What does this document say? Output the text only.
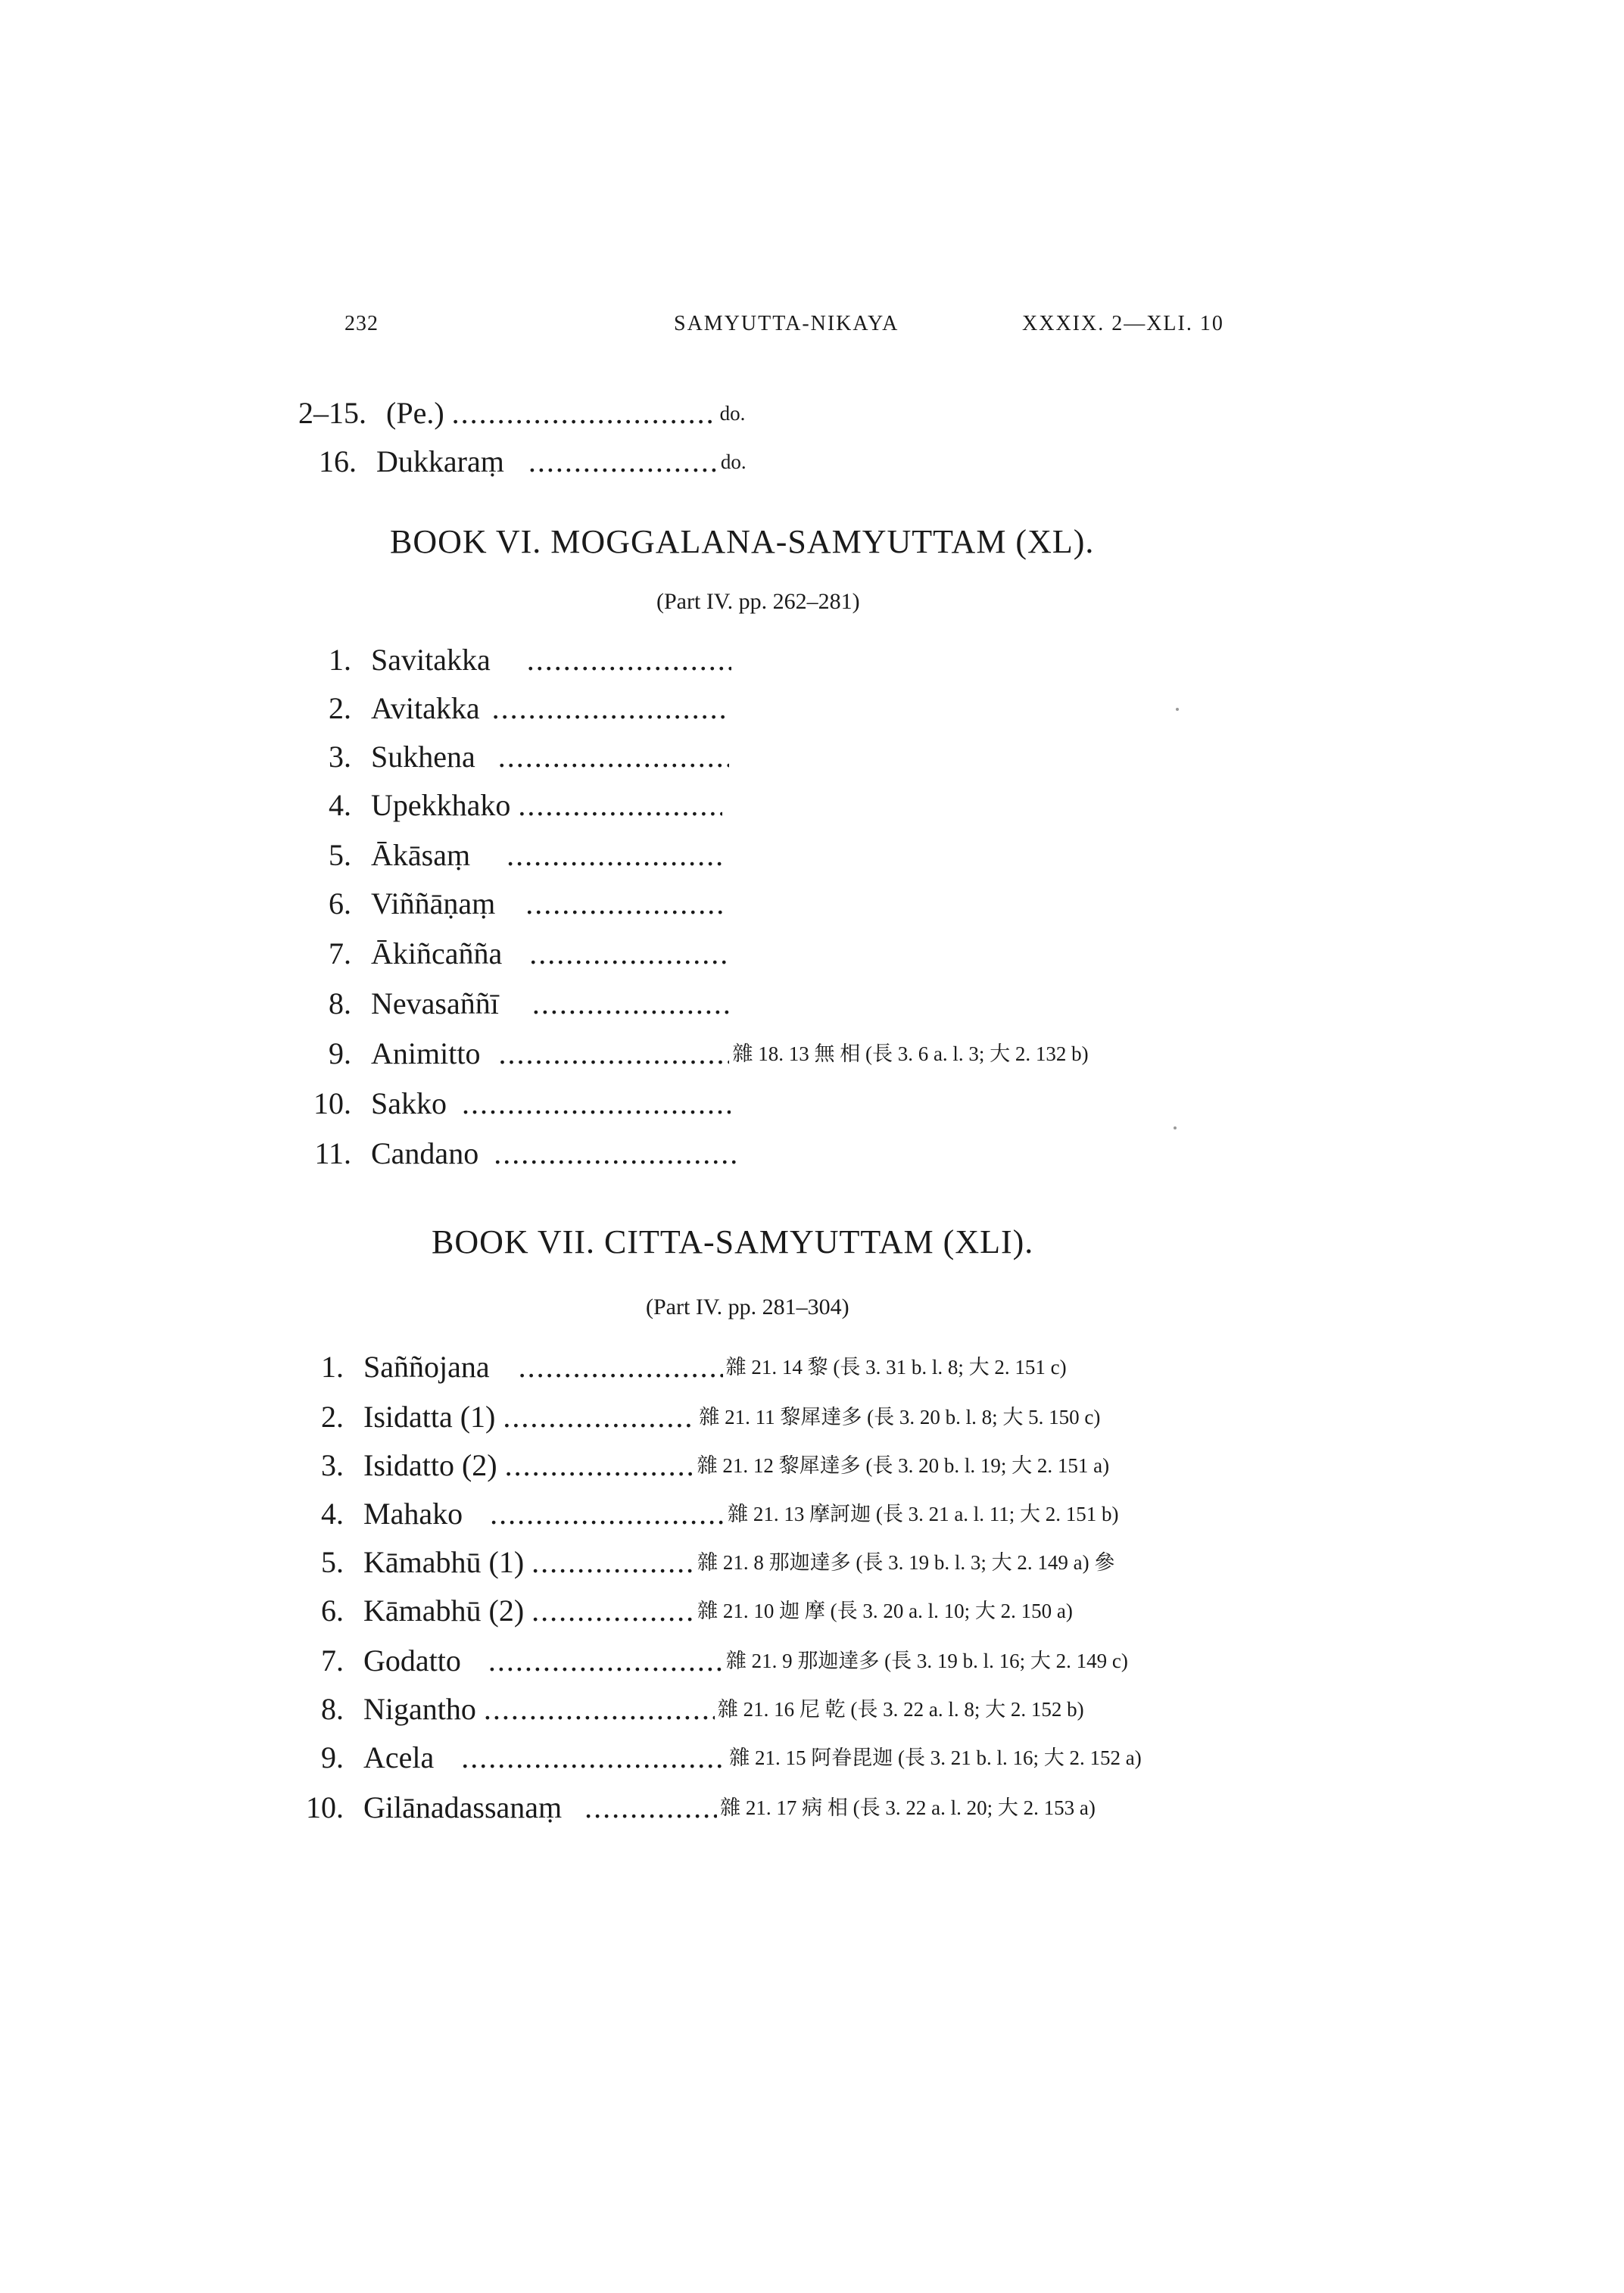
232	SAMYUTTA-NIKAYA	XXXIX. 2—XLI. 10
2–15. (Pe.) .....	do.
16. Dukkaraṃ .....	do.
BOOK VI. MOGGALANA-SAMYUTTAM (XL).
(Part IV. pp. 262–281)
1. Savitakka .....
2. Avitakka .....
3. Sukhena .....
4. Upekkhako .....
5. Ākāsaṃ .....
6. Viññāṇaṃ .....
7. Ākiñcañña .....
8. Nevasaññī .....
9. Animitto .....	雜 18. 13 無 相 (長 3. 6 a. l. 3; 大 2. 132 b)
10. Sakko .....
11. Candano .....
BOOK VII. CITTA-SAMYUTTAM (XLI).
(Part IV. pp. 281–304)
1. Saññojana .....	雜 21. 14 黎 (長 3. 31 b. l. 8; 大 2. 151 c)
2. Isidatta (1) .....	雜 21. 11 黎犀達多 (長 3. 20 b. l. 8; 大 5. 150 c)
3. Isidatto (2) .....	雜 21. 12 黎犀達多 (長 3. 20 b. l. 19; 大 2. 151 a)
4. Mahako .....	雜 21. 13 摩訶迦 (長 3. 21 a. l. 11; 大 2. 151 b)
5. Kāmabhū (1) .....	雜 21. 8 那迦達多 (長 3. 19 b. l. 3; 大 2. 149 a) 參
6. Kāmabhū (2) .....	雜 21. 10 迦 摩 (長 3. 20 a. l. 10; 大 2. 150 a)
7. Godatto .....	雜 21. 9 那迦達多 (長 3. 19 b. l. 16; 大 2. 149 c)
8. Nigantho .....	雜 21. 16 尼 乾 (長 3. 22 a. l. 8; 大 2. 152 b)
9. Acela .....	雜 21. 15 阿眷毘迦 (長 3. 21 b. l. 16; 大 2. 152 a)
10. Gilānadassanaṃ .....	雜 21. 17 病 相 (長 3. 22 a. l. 20; 大 2. 153 a)
